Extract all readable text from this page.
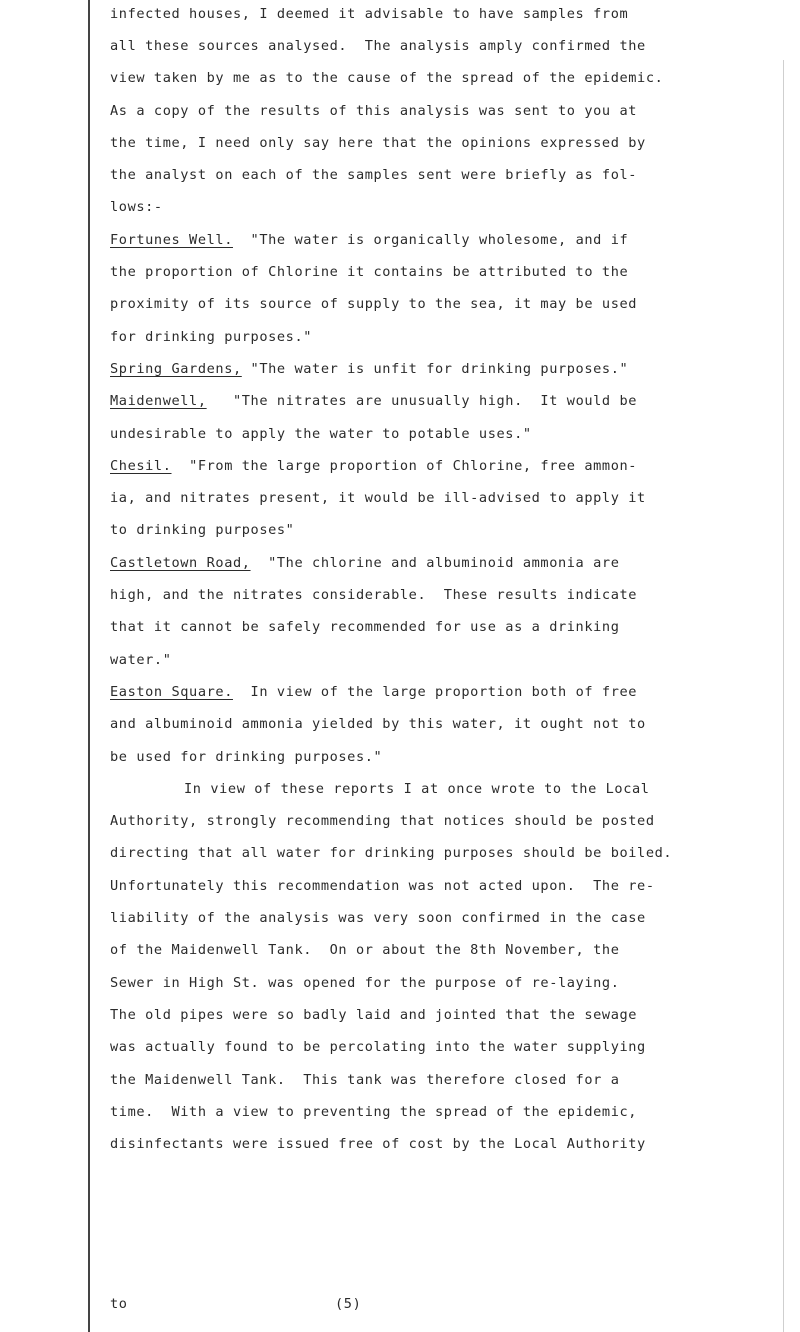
infected houses, I deemed it advisable to have samples from
all these sources analysed.  The analysis amply confirmed the
view taken by me as to the cause of the spread of the epidemic.
As a copy of the results of this analysis was sent to you at
the time, I need only say here that the opinions expressed by
the analyst on each of the samples sent were briefly as fol-
lows:-
Fortunes Well.  "The water is organically wholesome, and if
the proportion of Chlorine it contains be attributed to the
proximity of its source of supply to the sea, it may be used
for drinking purposes."
Spring Gardens, "The water is unfit for drinking purposes."
Maidenwell,   "The nitrates are unusually high.  It would be
undesirable to apply the water to potable uses."
Chesil.  "From the large proportion of Chlorine, free ammon-
ia, and nitrates present, it would be ill-advised to apply it
to drinking purposes"
Castletown Road,  "The chlorine and albuminoid ammonia are
high, and the nitrates considerable.  These results indicate
that it cannot be safely recommended for use as a drinking
water."
Easton Square.  In view of the large proportion both of free
and albuminoid ammonia yielded by this water, it ought not to
be used for drinking purposes."
In view of these reports I at once wrote to the Local
Authority, strongly recommending that notices should be posted
directing that all water for drinking purposes should be boiled.
Unfortunately this recommendation was not acted upon.  The re-
liability of the analysis was very soon confirmed in the case
of the Maidenwell Tank.  On or about the 8th November, the
Sewer in High St. was opened for the purpose of re-laying.
The old pipes were so badly laid and jointed that the sewage
was actually found to be percolating into the water supplying
the Maidenwell Tank.  This tank was therefore closed for a
time.  With a view to preventing the spread of the epidemic,
disinfectants were issued free of cost by the Local Authority
to	(5)
